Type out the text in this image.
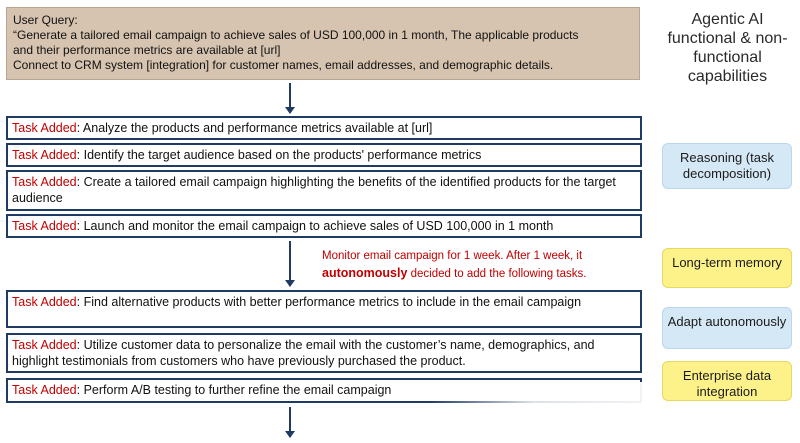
User Query:
“Generate a tailored email campaign to achieve sales of USD 100,000 in 1 month, The applicable products
and their performance metrics are available at [url]
Connect to CRM system [integration] for customer names, email addresses, and demographic details.
Task Added: Analyze the products and performance metrics available at [url]
Task Added: Identify the target audience based on the products' performance metrics
Task Added: Create a tailored email campaign highlighting the benefits of the identified products for the target audience
Task Added: Launch and monitor the email campaign to achieve sales of USD 100,000 in 1 month
Monitor email campaign for 1 week. After 1 week, it
autonomously decided to add the following tasks.
Task Added: Find alternative products with better performance metrics to include in the email campaign
Task Added: Utilize customer data to personalize the email with the customer’s name, demographics, and highlight testimonials from customers who have previously purchased the product.
Task Added: Perform A/B testing to further refine the email campaign
Agentic AI functional & non-functional capabilities
Reasoning (task decomposition)
Long-term memory
Adapt autonomously
Enterprise data integration
